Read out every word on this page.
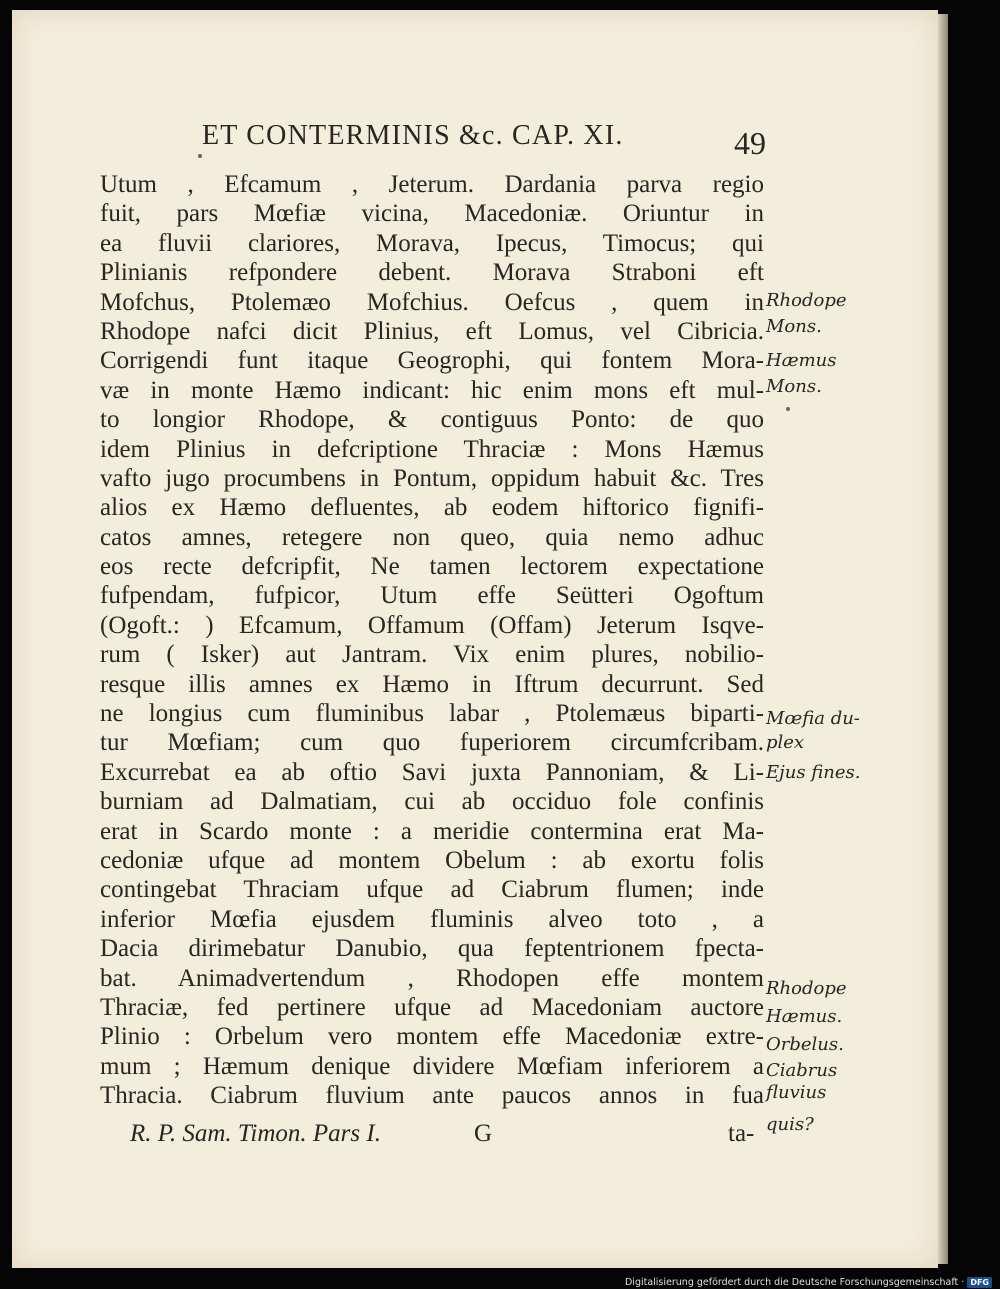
ET CONTERMINIS &c. CAP. XI.	49
Utum , Efcamum , Jeterum. Dardania parva regio
fuit, pars Mœfiæ vicina, Macedoniæ. Oriuntur in
ea fluvii clariores, Morava, Ipecus, Timocus; qui
Plinianis refpondere debent. Morava Straboni eft
Mofchus, Ptolemæo Mofchius. Oefcus , quem in
Rhodope nafci dicit Plinius, eft Lomus, vel Cibricia.
Corrigendi funt itaque Geogrophi, qui fontem Mora-
væ in monte Hæmo indicant: hic enim mons eft mul-
to longior Rhodope, & contiguus Ponto: de quo
idem Plinius in defcriptione Thraciæ : Mons Hæmus
vafto jugo procumbens in Pontum, oppidum habuit &c. Tres
alios ex Hæmo defluentes, ab eodem hiftorico fignifi-
catos amnes, retegere non queo, quia nemo adhuc
eos recte defcripfit, Ne tamen lectorem expectatione
fufpendam, fufpicor, Utum effe Seütteri Ogoftum
(Ogoft.: ) Efcamum, Offamum (Offam) Jeterum Isqve-
rum ( Isker) aut Jantram. Vix enim plures, nobilio-
resque illis amnes ex Hæmo in Iftrum decurrunt. Sed
ne longius cum fluminibus labar , Ptolemæus biparti-
tur Mœfiam; cum quo fuperiorem circumfcribam.
Excurrebat ea ab oftio Savi juxta Pannoniam, & Li-
burniam ad Dalmatiam, cui ab occiduo fole confinis
erat in Scardo monte : a meridie contermina erat Ma-
cedoniæ ufque ad montem Obelum : ab exortu folis
contingebat Thraciam ufque ad Ciabrum flumen; inde
inferior Mœfia ejusdem fluminis alveo toto , a
Dacia dirimebatur Danubio, qua feptentrionem fpecta-
bat. Animadvertendum , Rhodopen effe montem
Thraciæ, fed pertinere ufque ad Macedoniam auctore
Plinio : Orbelum vero montem effe Macedoniæ extre-
mum ; Hæmum denique dividere Mœfiam inferiorem a
Thracia. Ciabrum fluvium ante paucos annos in fua
Rhodope
Mons.
Hæmus
Mons.
Mœfia du-
plex
Ejus fines.
Rhodope
Hæmus.
Orbelus.
Ciabrus
fluvius
quis?
R. P. Sam. Timon. Pars I.	G	ta-
Digitalisierung gefördert durch die Deutsche Forschungsgemeinschaft · DFG
